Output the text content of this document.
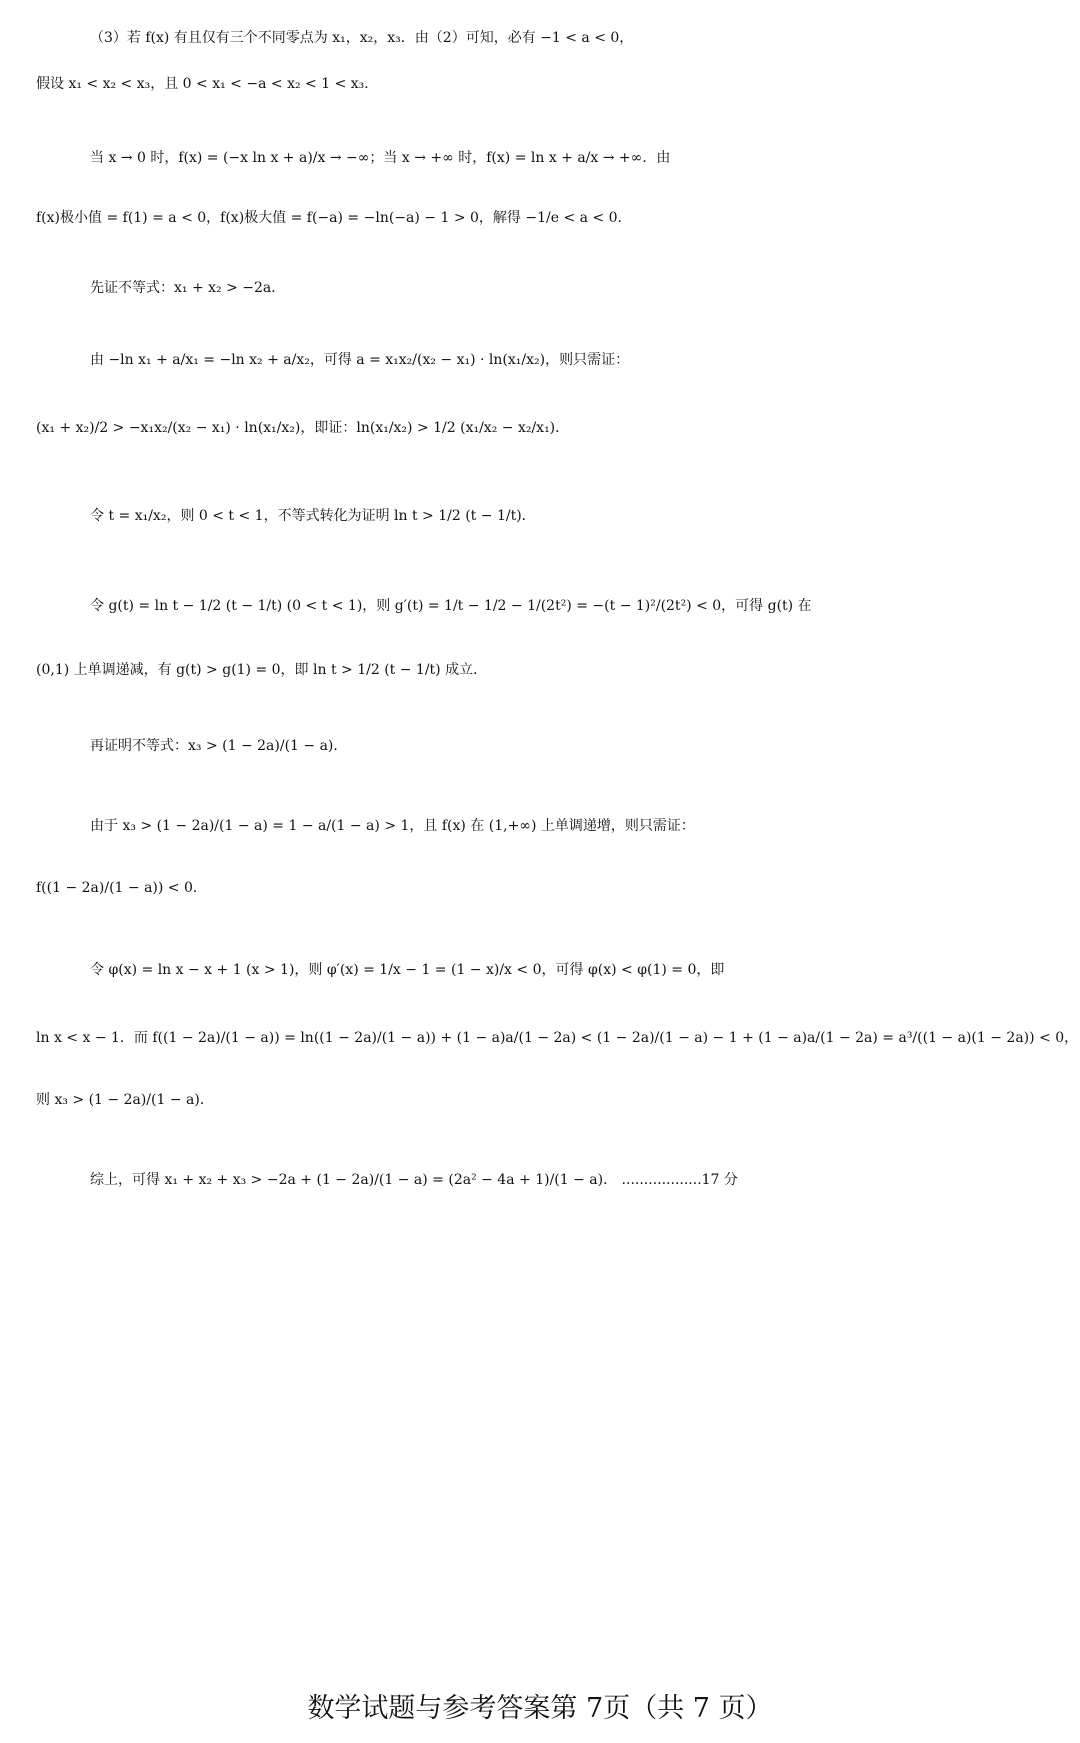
（3）若 f(x) 有且仅有三个不同零点为 x₁，x₂，x₃．由（2）可知，必有 −1 < a < 0，
假设 x₁ < x₂ < x₃，且 0 < x₁ < −a < x₂ < 1 < x₃．
当 x → 0 时，f(x) = (−x ln x + a)/x → −∞；当 x → +∞ 时，f(x) = ln x + a/x → +∞．由
f(x)极小值 = f(1) = a < 0，f(x)极大值 = f(−a) = −ln(−a) − 1 > 0，解得 −1/e < a < 0．
先证不等式：x₁ + x₂ > −2a．
由 −ln x₁ + a/x₁ = −ln x₂ + a/x₂，可得 a = x₁x₂/(x₂ − x₁) · ln(x₁/x₂)，则只需证：
(x₁ + x₂)/2 > −x₁x₂/(x₂ − x₁) · ln(x₁/x₂)，即证：ln(x₁/x₂) > 1/2 (x₁/x₂ − x₂/x₁)．
令 t = x₁/x₂，则 0 < t < 1，不等式转化为证明 ln t > 1/2 (t − 1/t)．
令 g(t) = ln t − 1/2 (t − 1/t) (0 < t < 1)，则 g′(t) = 1/t − 1/2 − 1/(2t²) = −(t − 1)²/(2t²) < 0，可得 g(t) 在
(0,1) 上单调递减，有 g(t) > g(1) = 0，即 ln t > 1/2 (t − 1/t) 成立．
再证明不等式：x₃ > (1 − 2a)/(1 − a)．
由于 x₃ > (1 − 2a)/(1 − a) = 1 − a/(1 − a) > 1，且 f(x) 在 (1,+∞) 上单调递增，则只需证：
f((1 − 2a)/(1 − a)) < 0．
令 φ(x) = ln x − x + 1 (x > 1)，则 φ′(x) = 1/x − 1 = (1 − x)/x < 0，可得 φ(x) < φ(1) = 0，即
ln x < x − 1．而 f((1 − 2a)/(1 − a)) = ln((1 − 2a)/(1 − a)) + (1 − a)a/(1 − 2a) < (1 − 2a)/(1 − a) − 1 + (1 − a)a/(1 − 2a) = a³/((1 − a)(1 − 2a)) < 0，
则 x₃ > (1 − 2a)/(1 − a)．
综上，可得 x₁ + x₂ + x₃ > −2a + (1 − 2a)/(1 − a) = (2a² − 4a + 1)/(1 − a)． ..................17 分
数学试题与参考答案第 7页（共 7 页）
